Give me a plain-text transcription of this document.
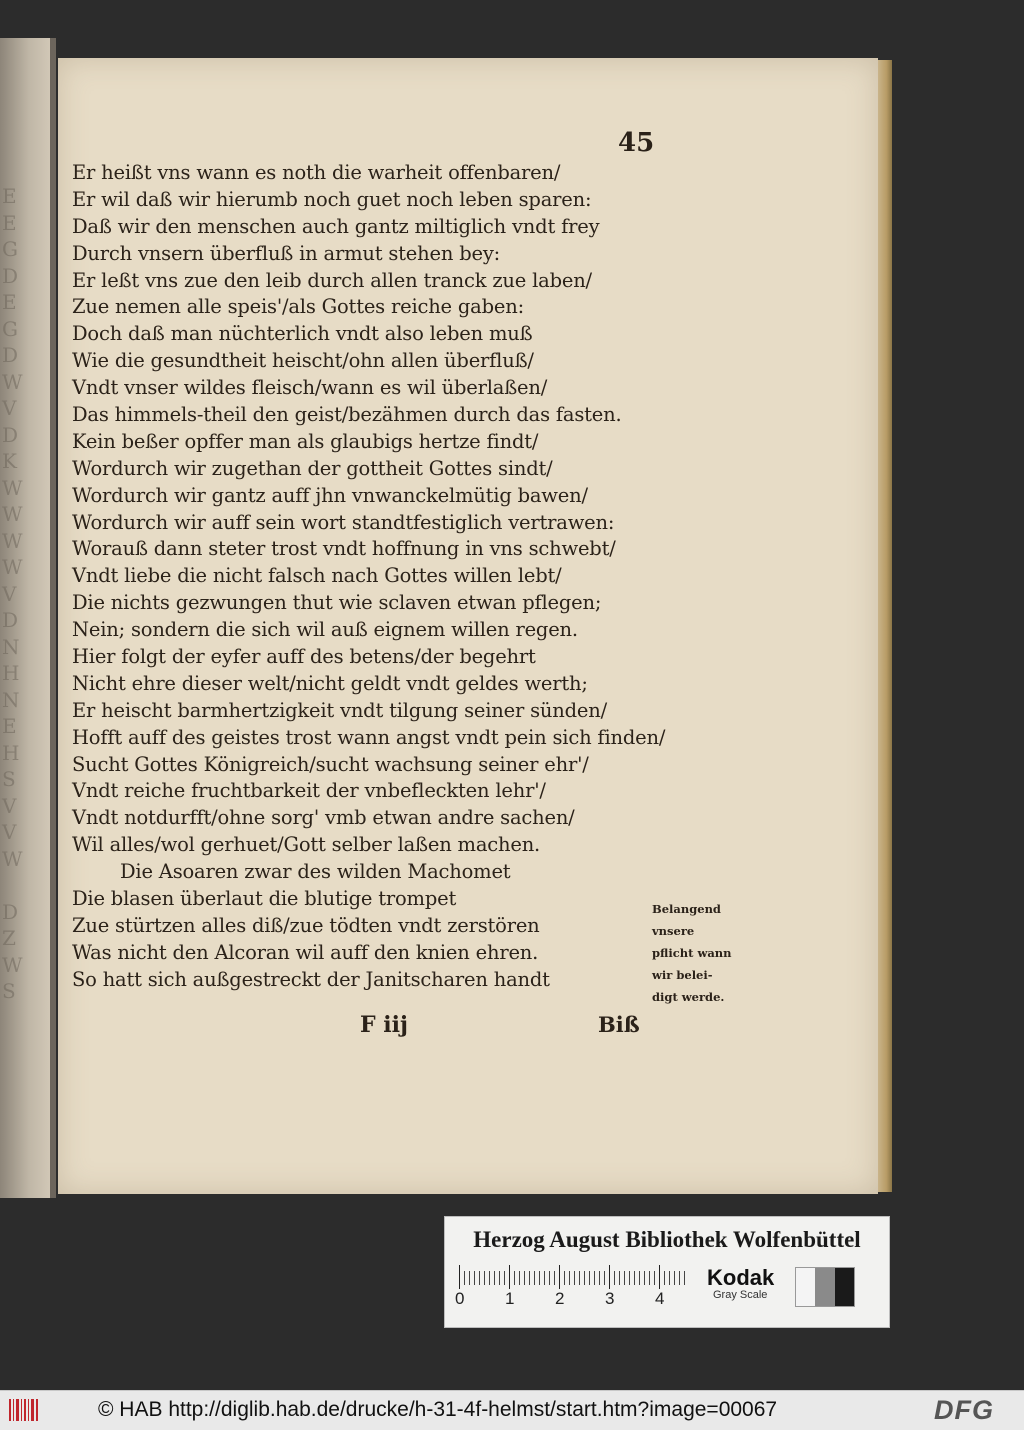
E
E
G
D
E
G
D
W
V
D
K
W
W
W
W
V
D
N
H
N
E
H
S
V
V
W
D
Z
W
S
45
Er heißt vns wann es noth die warheit offenbaren/
Er wil daß wir hierumb noch guet noch leben sparen:
Daß wir den menschen auch gantz miltiglich vndt frey
Durch vnsern überfluß in armut stehen bey:
Er leßt vns zue den leib durch allen tranck zue laben/
Zue nemen alle speis'/als Gottes reiche gaben:
Doch daß man nüchterlich vndt also leben muß
Wie die gesundtheit heischt/ohn allen überfluß/
Vndt vnser wildes fleisch/wann es wil überlaßen/
Das himmels-theil den geist/bezähmen durch das fasten.
Kein beßer opffer man als glaubigs hertze findt/
Wordurch wir zugethan der gottheit Gottes sindt/
Wordurch wir gantz auff jhn vnwanckelmütig bawen/
Wordurch wir auff sein wort standtfestiglich vertrawen:
Worauß dann steter trost vndt hoffnung in vns schwebt/
Vndt liebe die nicht falsch nach Gottes willen lebt/
Die nichts gezwungen thut wie sclaven etwan pflegen;
Nein; sondern die sich wil auß eignem willen regen.
Hier folgt der eyfer auff des betens/der begehrt
Nicht ehre dieser welt/nicht geldt vndt geldes werth;
Er heischt barmhertzigkeit vndt tilgung seiner sünden/
Hofft auff des geistes trost wann angst vndt pein sich finden/
Sucht Gottes Königreich/sucht wachsung seiner ehr'/
Vndt reiche fruchtbarkeit der vnbefleckten lehr'/
Vndt notdurfft/ohne sorg' vmb etwan andre sachen/
Wil alles/wol gerhuet/Gott selber laßen machen.
Die Asoaren zwar des wilden Machomet
Die blasen überlaut die blutige trompet
Zue stürtzen alles diß/zue tödten vndt zerstören
Was nicht den Alcoran wil auff den knien ehren.
So hatt sich außgestreckt der Janitscharen handt
Belangend
vnsere
pflicht wann
wir belei-
digt werde.
F iij	Biß
Herzog August Bibliothek Wolfenbüttel
0 1 2 3 4
Kodak
Gray Scale
© HAB http://diglib.hab.de/drucke/h-31-4f-helmst/start.htm?image=00067	DFG
